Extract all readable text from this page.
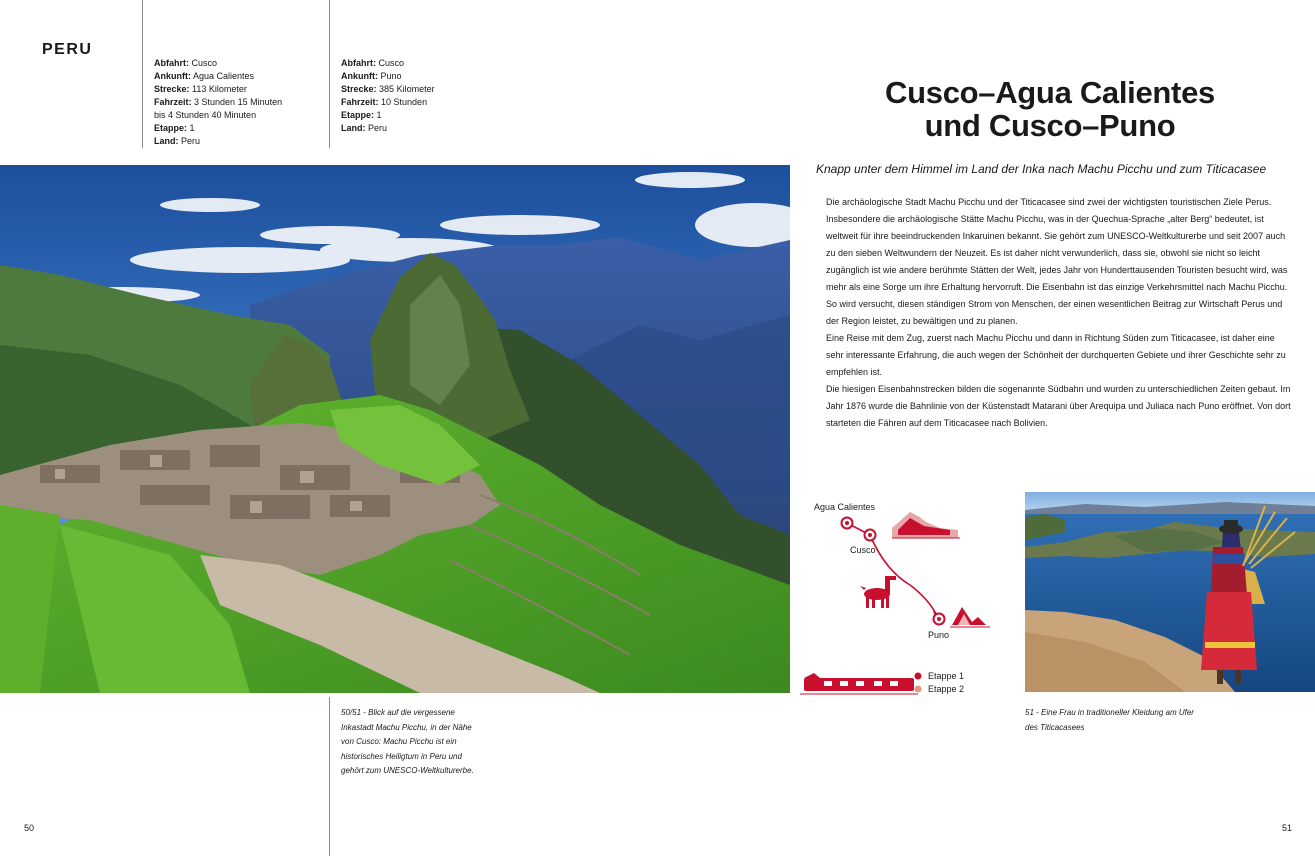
PERU
Abfahrt: Cusco
Ankunft: Agua Calientes
Strecke: 113 Kilometer
Fahrzeit: 3 Stunden 15 Minuten
bis 4 Stunden 40 Minuten
Etappe: 1
Land: Peru
Abfahrt: Cusco
Ankunft: Puno
Strecke: 385 Kilometer
Fahrzeit: 10 Stunden
Etappe: 1
Land: Peru
Cusco–Agua Calientes
und Cusco–Puno
Knapp unter dem Himmel im Land der Inka nach Machu Picchu und zum Titicacasee

Die archäologische Stadt Machu Picchu und der Titicacasee sind zwei der wichtigsten touristischen Ziele Perus. Insbesondere die archäologische Stätte Machu Picchu, was in der Quechua-Sprache „alter Berg“ bedeutet, ist weltweit für ihre beeindruckenden Inkaruinen bekannt. Sie gehört zum UNESCO-Weltkulturerbe und seit 2007 auch zu den sieben Weltwundern der Neuzeit. Es ist daher nicht verwunderlich, dass sie, obwohl sie nicht so leicht zugänglich ist wie andere berühmte Stätten der Welt, jedes Jahr von Hunderttausenden Touristen besucht wird, was mehr als eine Sorge um ihre Erhaltung hervorruft. Die Eisenbahn ist das einzige Verkehrsmittel nach Machu Picchu. So wird versucht, diesen ständigen Strom von Menschen, der einen wesentlichen Beitrag zur Wirtschaft Perus und der Region leistet, zu bewältigen und zu planen.

Eine Reise mit dem Zug, zuerst nach Machu Picchu und dann in Richtung Süden zum Titicacasee, ist daher eine sehr interessante Erfahrung, die auch wegen der Schönheit der durchquerten Gebiete und ihrer Geschichte sehr zu empfehlen ist.

Die hiesigen Eisenbahnstrecken bilden die sogenannte Südbahn und wurden zu unterschiedlichen Zeiten gebaut. Im Jahr 1876 wurde die Bahnlinie von der Küstenstadt Matarani über Arequipa und Juliaca nach Puno eröffnet. Von dort starteten die Fähren auf dem Titicacasee nach Bolivien.

Agua Calientes
Cusco
Puno
Etappe 1
Etappe 2
50/51 - Blick auf die vergessene Inkastadt Machu Picchu, in der Nähe von Cusco: Machu Picchu ist ein historisches Heiligtum in Peru und gehört zum UNESCO-Weltkulturerbe.
51 - Eine Frau in traditioneller Kleidung am Ufer des Titicacasees
50	51
